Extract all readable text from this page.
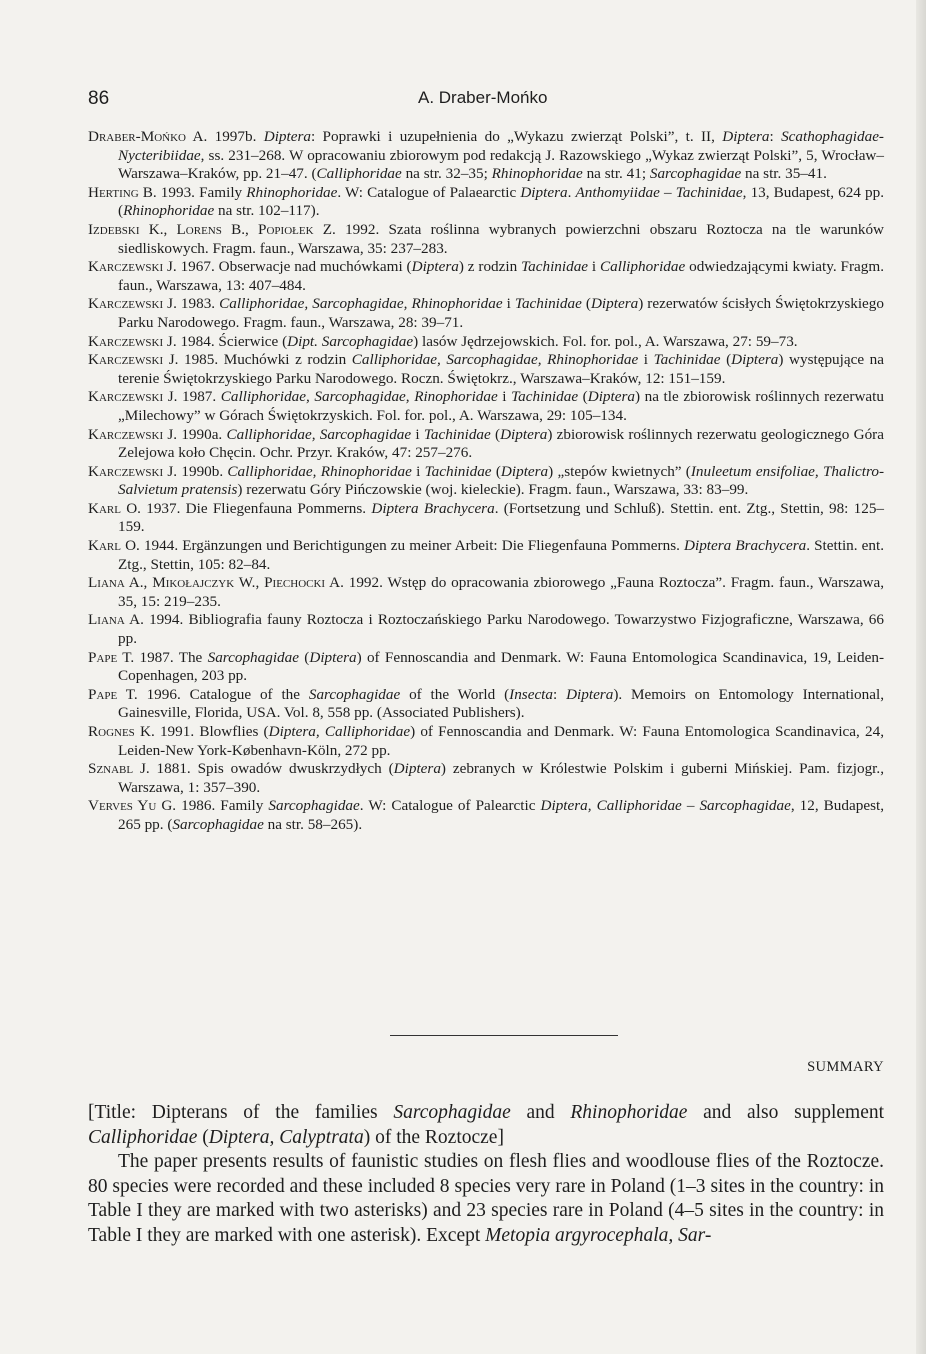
86	A. Draber-Mońko

Draber-Mońko A. 1997b. Diptera: Poprawki i uzupełnienia do „Wykazu zwierząt Polski”, t. II, Diptera: Scathophagidae-Nycteribiidae, ss. 231–268. W opracowaniu zbiorowym pod redakcją J. Razowskiego „Wykaz zwierząt Polski”, 5, Wrocław–Warszawa–Kraków, pp. 21–47. (Calliphoridae na str. 32–35; Rhinophoridae na str. 41; Sarcophagidae na str. 35–41.

Herting B. 1993. Family Rhinophoridae. W: Catalogue of Palaearctic Diptera. Anthomyiidae – Tachinidae, 13, Budapest, 624 pp. (Rhinophoridae na str. 102–117).

Izdebski K., Lorens B., Popiołek Z. 1992. Szata roślinna wybranych powierzchni obszaru Roztocza na tle warunków siedliskowych. Fragm. faun., Warszawa, 35: 237–283.

Karczewski J. 1967. Obserwacje nad muchówkami (Diptera) z rodzin Tachinidae i Calliphoridae odwiedzającymi kwiaty. Fragm. faun., Warszawa, 13: 407–484.

Karczewski J. 1983. Calliphoridae, Sarcophagidae, Rhinophoridae i Tachinidae (Diptera) rezerwatów ścisłych Świętokrzyskiego Parku Narodowego. Fragm. faun., Warszawa, 28: 39–71.

Karczewski J. 1984. Ścierwice (Dipt. Sarcophagidae) lasów Jędrzejowskich. Fol. for. pol., A. Warszawa, 27: 59–73.

Karczewski J. 1985. Muchówki z rodzin Calliphoridae, Sarcophagidae, Rhinophoridae i Tachinidae (Diptera) występujące na terenie Świętokrzyskiego Parku Narodowego. Roczn. Świętokrz., Warszawa–Kraków, 12: 151–159.

Karczewski J. 1987. Calliphoridae, Sarcophagidae, Rinophoridae i Tachinidae (Diptera) na tle zbiorowisk roślinnych rezerwatu „Milechowy” w Górach Świętokrzyskich. Fol. for. pol., A. Warszawa, 29: 105–134.

Karczewski J. 1990a. Calliphoridae, Sarcophagidae i Tachinidae (Diptera) zbiorowisk roślinnych rezerwatu geologicznego Góra Zelejowa koło Chęcin. Ochr. Przyr. Kraków, 47: 257–276.

Karczewski J. 1990b. Calliphoridae, Rhinophoridae i Tachinidae (Diptera) „stepów kwietnych” (Inuleetum ensifoliae, Thalictro-Salvietum pratensis) rezerwatu Góry Pińczowskie (woj. kieleckie). Fragm. faun., Warszawa, 33: 83–99.

Karl O. 1937. Die Fliegenfauna Pommerns. Diptera Brachycera. (Fortsetzung und Schluß). Stettin. ent. Ztg., Stettin, 98: 125–159.

Karl O. 1944. Ergänzungen und Berichtigungen zu meiner Arbeit: Die Fliegenfauna Pommerns. Diptera Brachycera. Stettin. ent. Ztg., Stettin, 105: 82–84.

Liana A., Mikołajczyk W., Piechocki A. 1992. Wstęp do opracowania zbiorowego „Fauna Roztocza”. Fragm. faun., Warszawa, 35, 15: 219–235.

Liana A. 1994. Bibliografia fauny Roztocza i Roztoczańskiego Parku Narodowego. Towarzystwo Fizjograficzne, Warszawa, 66 pp.

Pape T. 1987. The Sarcophagidae (Diptera) of Fennoscandia and Denmark. W: Fauna Entomologica Scandinavica, 19, Leiden-Copenhagen, 203 pp.

Pape T. 1996. Catalogue of the Sarcophagidae of the World (Insecta: Diptera). Memoirs on Entomology International, Gainesville, Florida, USA. Vol. 8, 558 pp. (Associated Publishers).

Rognes K. 1991. Blowflies (Diptera, Calliphoridae) of Fennoscandia and Denmark. W: Fauna Entomologica Scandinavica, 24, Leiden-New York-København-Köln, 272 pp.

Sznabl J. 1881. Spis owadów dwuskrzydłych (Diptera) zebranych w Królestwie Polskim i guberni Mińskiej. Pam. fizjogr., Warszawa, 1: 357–390.

Verves Yu G. 1986. Family Sarcophagidae. W: Catalogue of Palearctic Diptera, Calliphoridae – Sarcophagidae, 12, Budapest, 265 pp. (Sarcophagidae na str. 58–265).

SUMMARY

[Title: Dipterans of the families Sarcophagidae and Rhinophoridae and also supplement Calliphoridae (Diptera, Calyptrata) of the Roztocze]

The paper presents results of faunistic studies on flesh flies and woodlouse flies of the Roztocze. 80 species were recorded and these included 8 species very rare in Poland (1–3 sites in the country: in Table I they are marked with two asterisks) and 23 species rare in Poland (4–5 sites in the country: in Table I they are marked with one asterisk). Except Metopia argyrocephala, Sar-
